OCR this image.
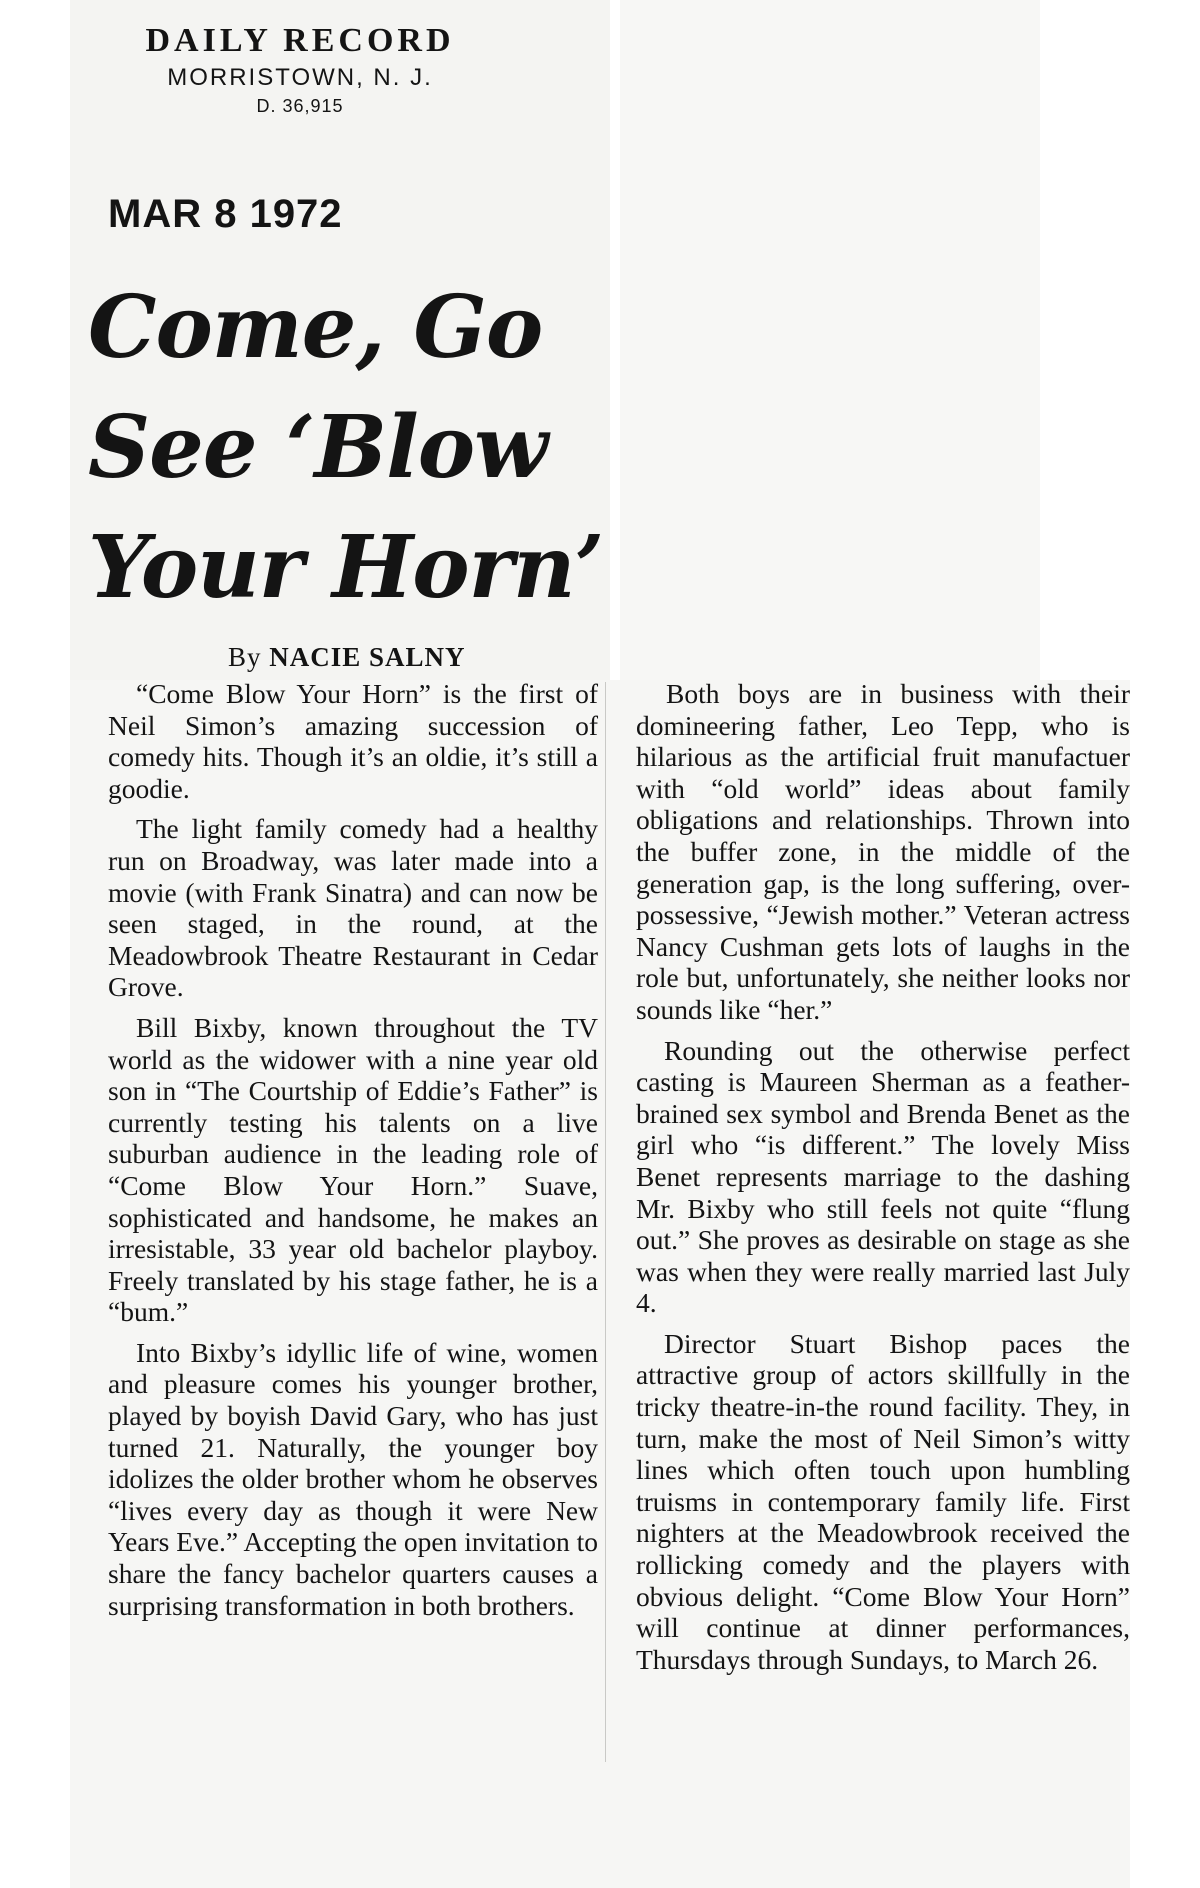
DAILY RECORD
MORRISTOWN, N. J.
D. 36,915
MAR 8 1972
Come, Go
See ‘Blow
Your Horn’
By NACIE SALNY

“Come Blow Your Horn” is the first of Neil Simon’s amazing succession of comedy hits. Though it’s an oldie, it’s still a goodie.

The light family comedy had a healthy run on Broadway, was later made into a movie (with Frank Sinatra) and can now be seen staged, in the round, at the Meadowbrook Theatre Restaurant in Cedar Grove.

Bill Bixby, known throughout the TV world as the widower with a nine year old son in “The Courtship of Eddie’s Father” is currently testing his talents on a live suburban audience in the leading role of “Come Blow Your Horn.” Suave, sophisticated and handsome, he makes an irresistable, 33 year old bachelor playboy. Freely translated by his stage father, he is a “bum.”

Into Bixby’s idyllic life of wine, women and pleasure comes his younger brother, played by boyish David Gary, who has just turned 21. Naturally, the younger boy idolizes the older brother whom he observes “lives every day as though it were New Years Eve.” Accepting the open invitation to share the fancy bachelor quarters causes a surprising transformation in both brothers.

Both boys are in business with their domineering father, Leo Tepp, who is hilarious as the artificial fruit manufactuer with “old world” ideas about family obligations and relationships. Thrown into the buffer zone, in the middle of the generation gap, is the long suffering, over-possessive, “Jewish mother.” Veteran actress Nancy Cushman gets lots of laughs in the role but, unfortunately, she neither looks nor sounds like “her.”

Rounding out the otherwise perfect casting is Maureen Sherman as a feather-brained sex symbol and Brenda Benet as the girl who “is different.” The lovely Miss Benet represents marriage to the dashing Mr. Bixby who still feels not quite “flung out.” She proves as desirable on stage as she was when they were really married last July 4.

Director Stuart Bishop paces the attractive group of actors skillfully in the tricky theatre-in-the round facility. They, in turn, make the most of Neil Simon’s witty lines which often touch upon humbling truisms in contemporary family life. First nighters at the Meadowbrook received the rollicking comedy and the players with obvious delight. “Come Blow Your Horn” will continue at dinner performances, Thursdays through Sundays, to March 26.
